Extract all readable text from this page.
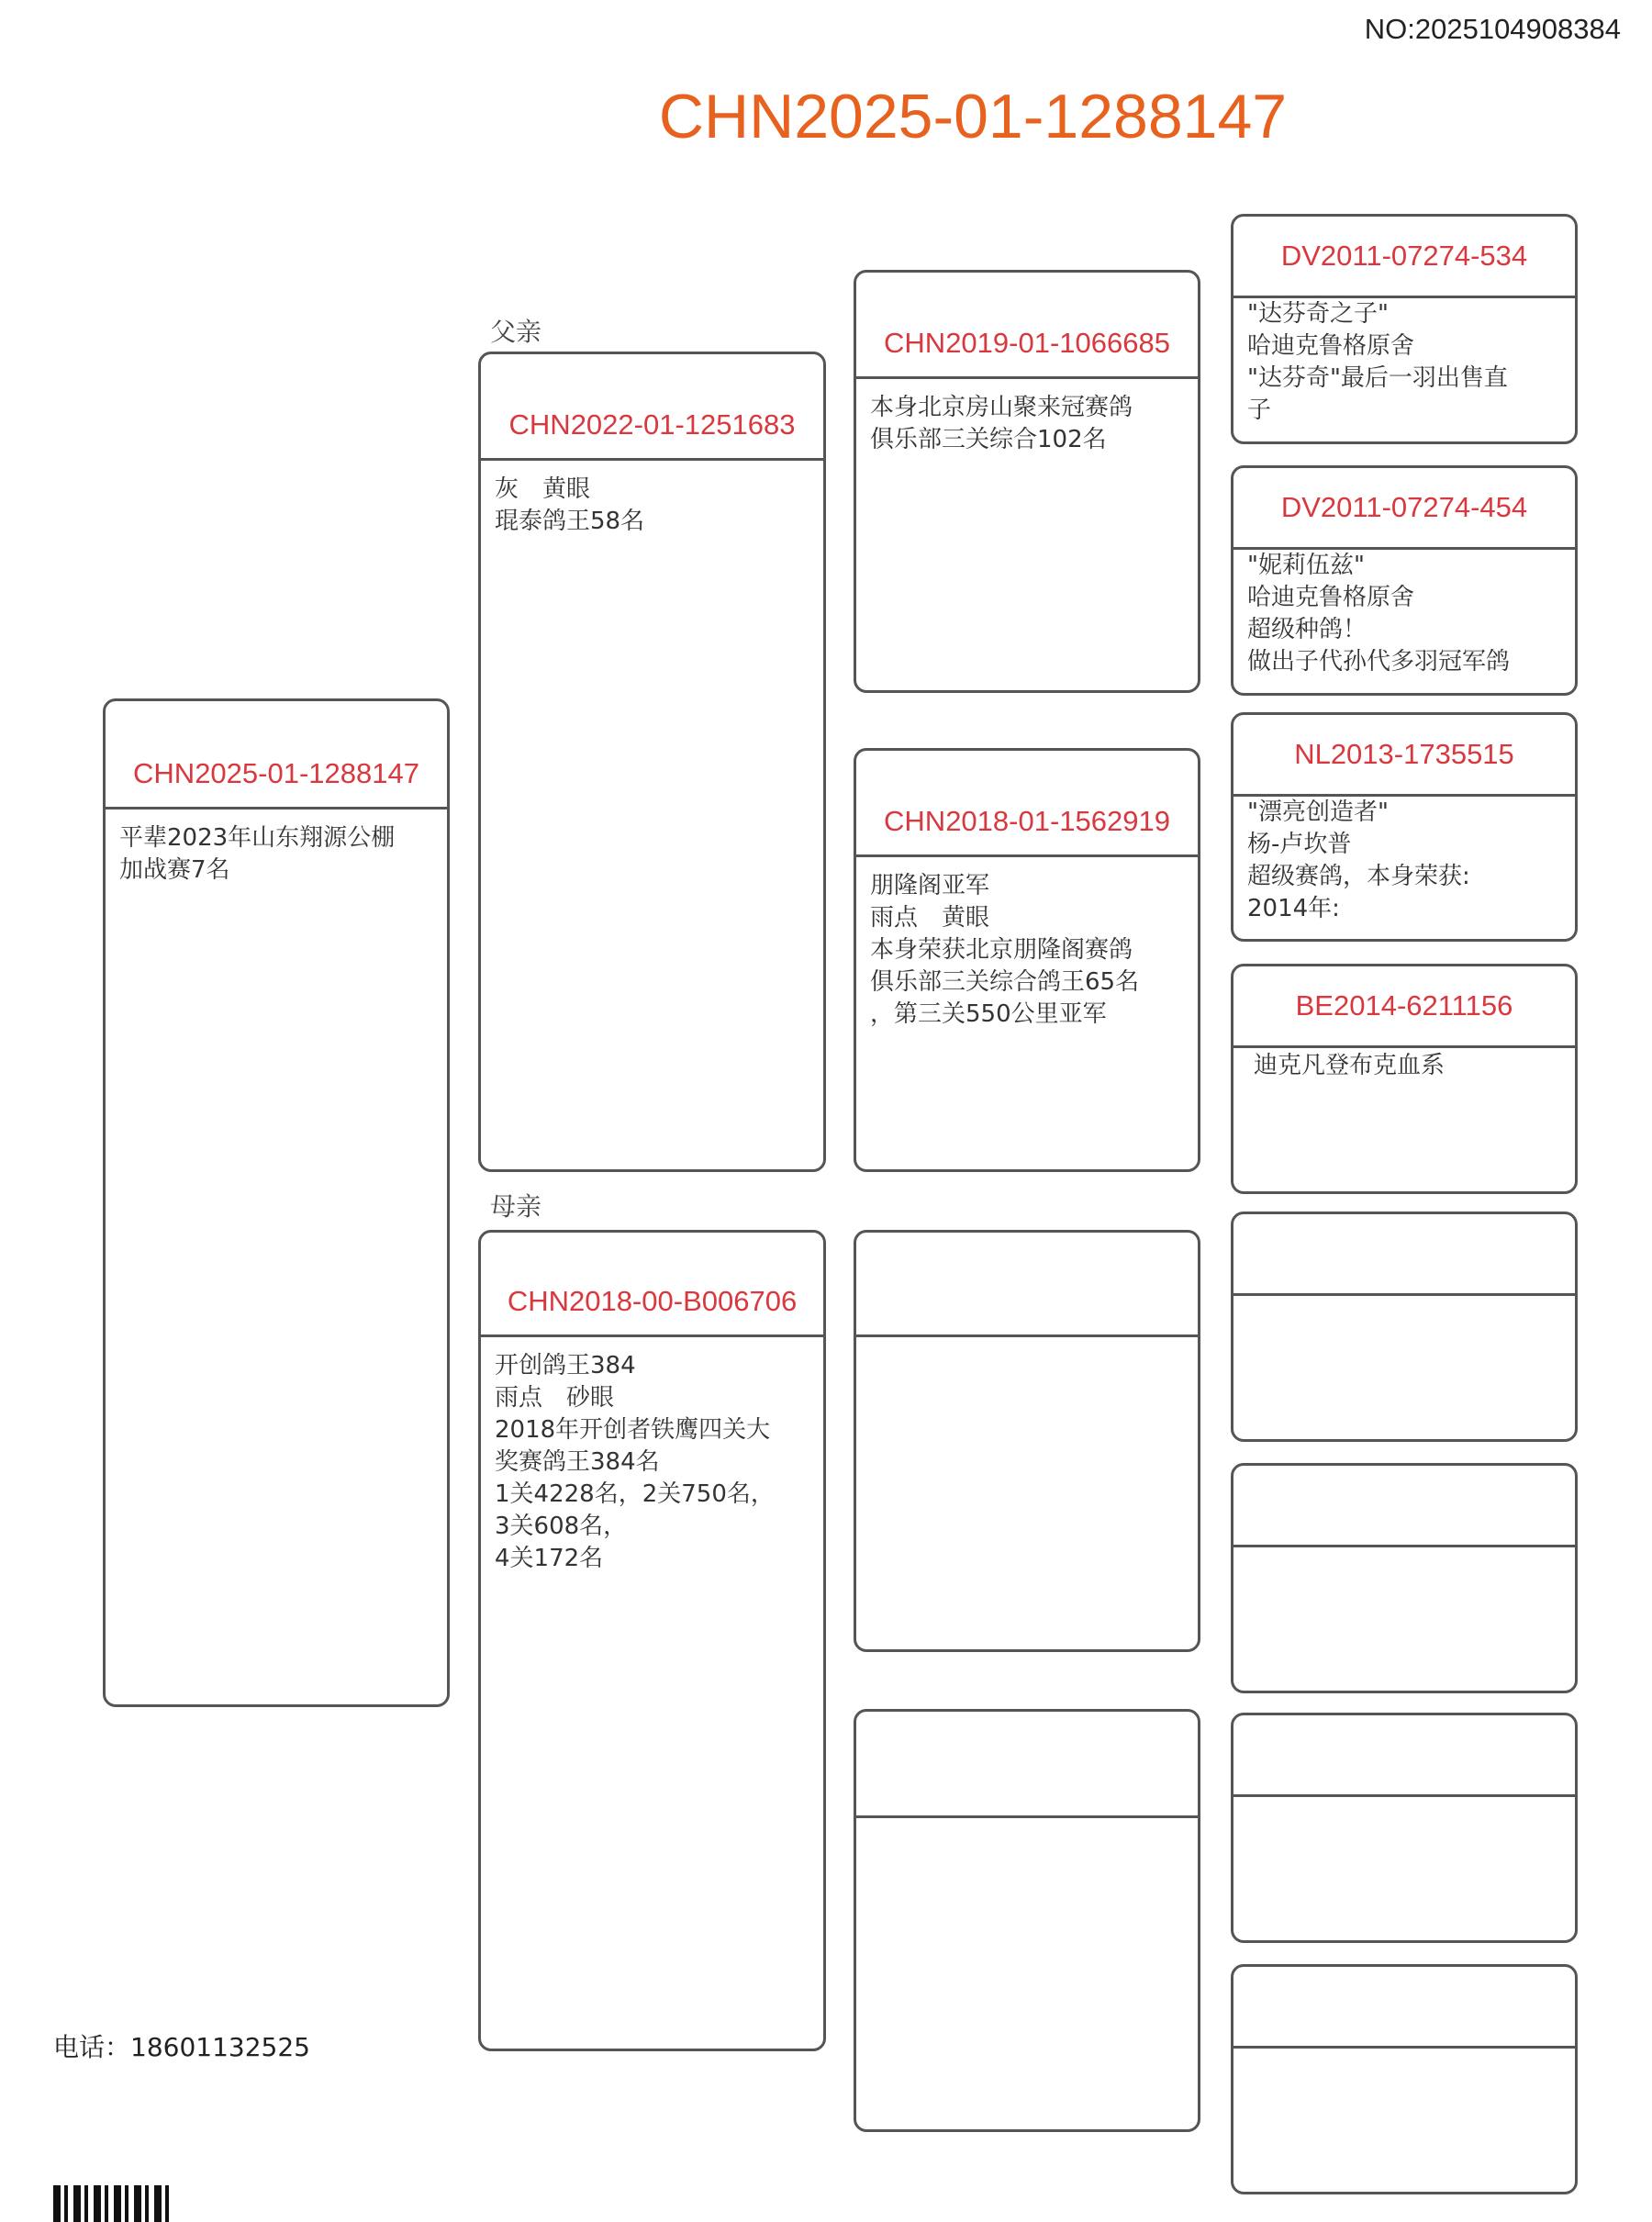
NO:2025104908384
CHN2025-01-1288147
CHN2025-01-1288147
平辈2023年山东翔源公棚
加战赛7名
父亲
CHN2022-01-1251683
灰　黄眼
琨泰鸽王58名
母亲
CHN2018-00-B006706
开创鸽王384
雨点　砂眼
2018年开创者铁鹰四关大
奖赛鸽王384名
1关4228名，2关750名，
3关608名，
4关172名
CHN2019-01-1066685
本身北京房山聚来冠赛鸽
俱乐部三关综合102名
CHN2018-01-1562919
朋隆阁亚军
雨点　黄眼
本身荣获北京朋隆阁赛鸽
俱乐部三关综合鸽王65名
，第三关550公里亚军
DV2011-07274-534
"达芬奇之子"
哈迪克鲁格原舍
"达芬奇"最后一羽出售直
子
DV2011-07274-454
"妮莉伍兹"
哈迪克鲁格原舍
超级种鸽！
做出子代孙代多羽冠军鸽
NL2013-1735515
"漂亮创造者"
杨-卢坎普
超级赛鸽，本身荣获:
2014年:
BE2014-6211156
迪克凡登布克血系
电话：18601132525
